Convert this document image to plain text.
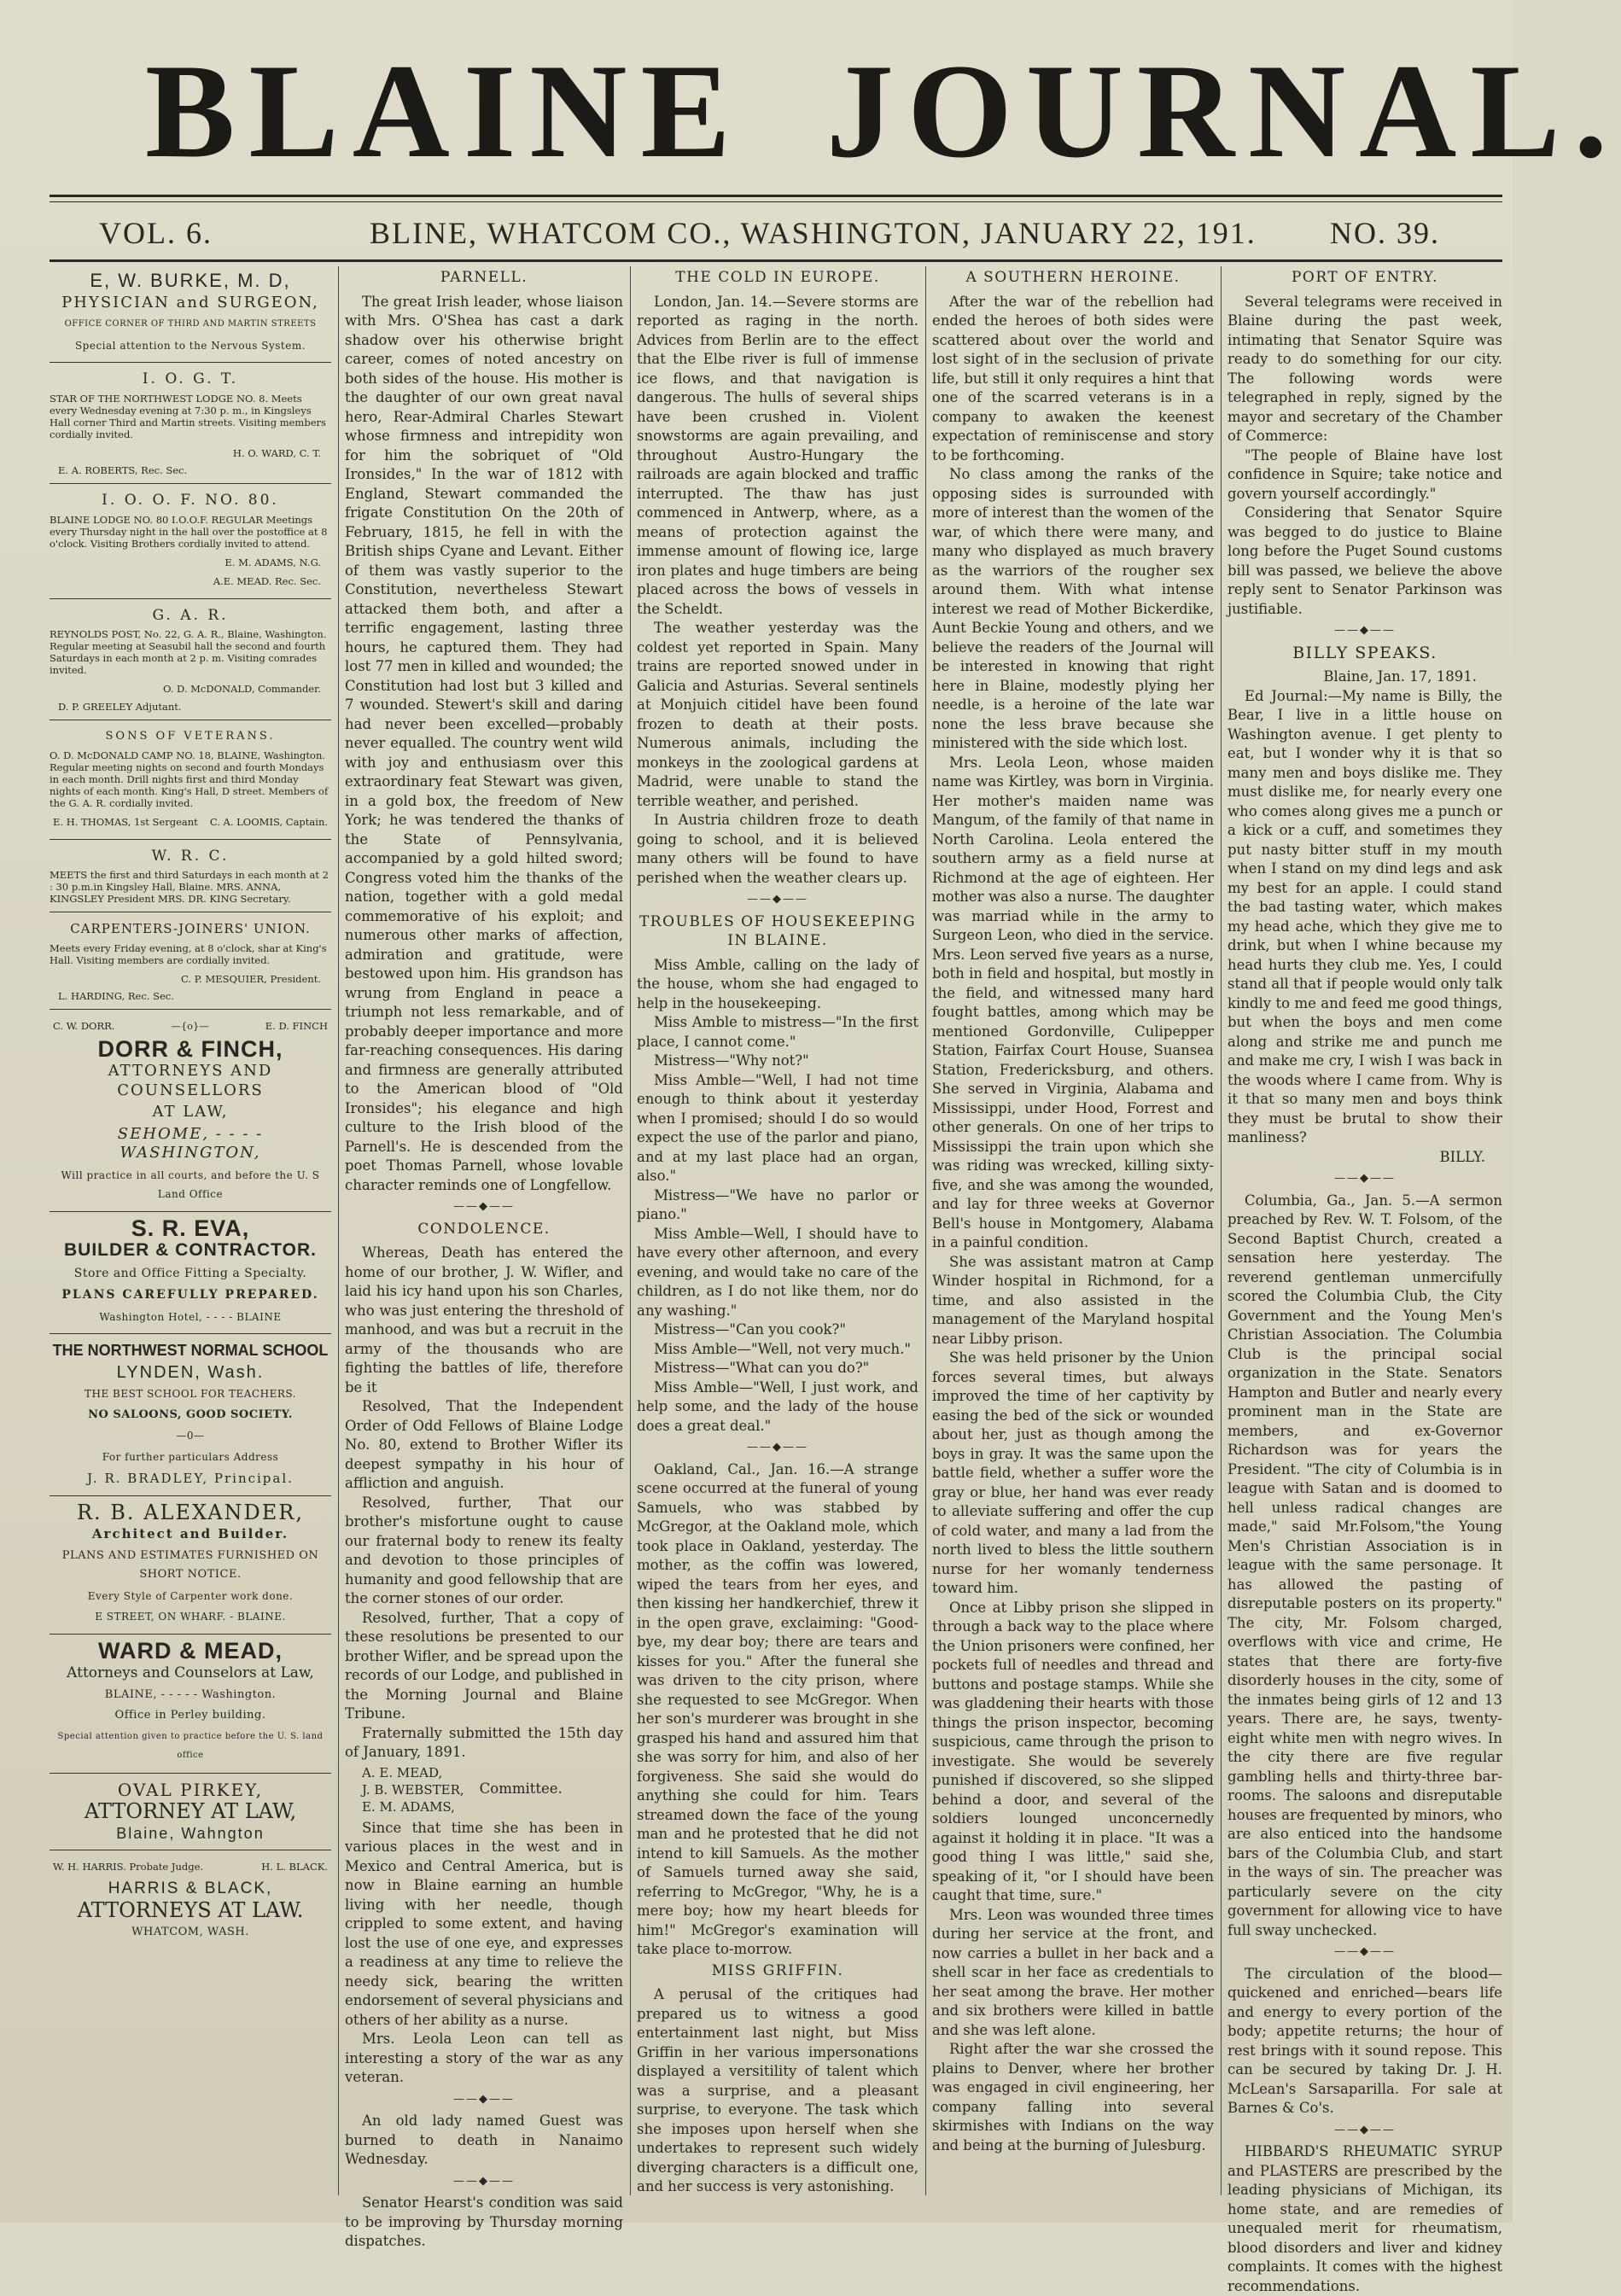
BLAINE JOURNAL.
VOL. 6.	BLINE, WHATCOM CO., WASHINGTON, JANUARY 22, 191. NO. 39.
E, W. BURKE, M. D,
PHYSICIAN and SURGEON,
OFFICE CORNER OF THIRD AND MARTIN STREETS
Special attention to the Nervous System.
I. O. G. T.
STAR OF THE NORTHWEST LODGE NO. 8. Meets every Wednesday evening at 7:30 p. m., in Kingsleys Hall corner Third and Martin streets. Visiting members cordially invited.
H. O. WARD, C. T.
E. A. ROBERTS, Rec. Sec.
I. O. O. F. NO. 80.
BLAINE LODGE NO. 80 I.O.O.F. REGULAR Meetings every Thursday night in the hall over the postoffice at 8 o'clock. Visiting Brothers cordially invited to attend.
E. M. ADAMS, N.G.
A.E. MEAD. Rec. Sec.
G. A. R.
REYNOLDS POST, No. 22, G. A. R., Blaine, Washington. Regular meeting at Seasubil hall the second and fourth Saturdays in each month at 2 p. m. Visiting comrades invited.
O. D. McDONALD, Commander.
D. P. GREELEY Adjutant.
SONS OF VETERANS.
O. D. McDONALD CAMP NO. 18, BLAINE, Washington. Regular meeting nights on second and fourth Mondays in each month. Drill nights first and third Monday nights of each month. King's Hall, D street. Members of the G. A. R. cordially invited.
E. H. THOMAS, 1st Sergeant C. A. LOOMIS, Captain.
W. R. C.
MEETS the first and third Saturdays in each month at 2 : 30 p.m.in Kingsley Hall, Blaine. MRS. ANNA, KINGSLEY President MRS. DR. KING Secretary.
CARPENTERS-JOINERS' UNION.
Meets every Friday evening, at 8 o'clock, shar at King's Hall. Visiting members are cordially invited.
C. P. MESQUIER, President.
L. HARDING, Rec. Sec.
C. W. DORR.	—{o}—	E. D. FINCH
DORR & FINCH,
ATTORNEYS AND COUNSELLORS
AT LAW,
SEHOME, - - - - WASHINGTON,
Will practice in all courts, and before the U. S Land Office
S. R. EVA,
BUILDER & CONTRACTOR.
Store and Office Fitting a Specialty.
PLANS CAREFULLY PREPARED.
Washington Hotel, - - - - BLAINE
THE NORTHWEST NORMAL SCHOOL
LYNDEN, Wash.
THE BEST SCHOOL FOR TEACHERS.
NO SALOONS, GOOD SOCIETY.
—0—
For further particulars Address
J. R. BRADLEY, Principal.
R. B. ALEXANDER,
Architect and Builder.
PLANS AND ESTIMATES FURNISHED ON SHORT NOTICE.
Every Style of Carpenter work done.
E STREET, ON WHARF. - BLAINE.
WARD & MEAD,
Attorneys and Counselors at Law,
BLAINE, - - - - - Washington.
Office in Perley building.
Special attention given to practice before the U. S. land office
OVAL PIRKEY,
ATTORNEY AT LAW,
Blaine, Wahngton
W. H. HARRIS. Probate Judge.	H. L. BLACK.
HARRIS & BLACK,
ATTORNEYS AT LAW.
WHATCOM, WASH.
PARNELL.

The great Irish leader, whose liaison with Mrs. O'Shea has cast a dark shadow over his otherwise bright career, comes of noted ancestry on both sides of the house. His mother is the daughter of our own great naval hero, Rear-Admiral Charles Stewart whose firmness and intrepidity won for him the sobriquet of "Old Ironsides," In the war of 1812 with England, Stewart commanded the frigate Constitution On the 20th of February, 1815, he fell in with the British ships Cyane and Levant. Either of them was vastly superior to the Constitution, nevertheless Stewart attacked them both, and after a terrific engagement, lasting three hours, he captured them. They had lost 77 men in killed and wounded; the Constitution had lost but 3 killed and 7 wounded. Stewert's skill and daring had never been excelled—probably never equalled. The country went wild with joy and enthusiasm over this extraordinary feat Stewart was given, in a gold box, the freedom of New York; he was tendered the thanks of the State of Pennsylvania, accompanied by a gold hilted sword; Congress voted him the thanks of the nation, together with a gold medal commemorative of his exploit; and numerous other marks of affection, admiration and gratitude, were bestowed upon him. His grandson has wrung from England in peace a triumph not less remarkable, and of probably deeper importance and more far-reaching consequences. His daring and firmness are generally attributed to the American blood of "Old Ironsides"; his elegance and high culture to the Irish blood of the Parnell's. He is descended from the poet Thomas Parnell, whose lovable character reminds one of Longfellow.

——◆——
CONDOLENCE.

Whereas, Death has entered the home of our brother, J. W. Wifler, and laid his icy hand upon his son Charles, who was just entering the threshold of manhood, and was but a recruit in the army of the thousands who are fighting the battles of life, therefore be it

Resolved, That the Independent Order of Odd Fellows of Blaine Lodge No. 80, extend to Brother Wifler its deepest sympathy in his hour of affliction and anguish.

Resolved, further, That our brother's misfortune ought to cause our fraternal body to renew its fealty and devotion to those principles of humanity and good fellowship that are the corner stones of our order.

Resolved, further, That a copy of these resolutions be presented to our brother Wifler, and be spread upon the records of our Lodge, and published in the Morning Journal and Blaine Tribune.

Fraternally submitted the 15th day of January, 1891.

A. E. MEAD,
J. B. WEBSTER,
E. M. ADAMS,
Committee.

Since that time she has been in various places in the west and in Mexico and Central America, but is now in Blaine earning an humble living with her needle, though crippled to some extent, and having lost the use of one eye, and expresses a readiness at any time to relieve the needy sick, bearing the written endorsement of several physicians and others of her ability as a nurse.

Mrs. Leola Leon can tell as interesting a story of the war as any veteran.

——◆——

An old lady named Guest was burned to death in Nanaimo Wednesday.

——◆——

Senator Hearst's condition was said to be improving by Thursday morning dispatches.

THE COLD IN EUROPE.

London, Jan. 14.—Severe storms are reported as raging in the north. Advices from Berlin are to the effect that the Elbe river is full of immense ice flows, and that navigation is dangerous. The hulls of several ships have been crushed in. Violent snowstorms are again prevailing, and throughout Austro-Hungary the railroads are again blocked and traffic interrupted. The thaw has just commenced in Antwerp, where, as a means of protection against the immense amount of flowing ice, large iron plates and huge timbers are being placed across the bows of vessels in the Scheldt.

The weather yesterday was the coldest yet reported in Spain. Many trains are reported snowed under in Galicia and Asturias. Several sentinels at Monjuich citidel have been found frozen to death at their posts. Numerous animals, including the monkeys in the zoological gardens at Madrid, were unable to stand the terrible weather, and perished.

In Austria children froze to death going to school, and it is believed many others will be found to have perished when the weather clears up.

——◆——
TROUBLES OF HOUSEKEEPING IN BLAINE.

Miss Amble, calling on the lady of the house, whom she had engaged to help in the housekeeping.

Miss Amble to mistress—"In the first place, I cannot come."

Mistress—"Why not?"

Miss Amble—"Well, I had not time enough to think about it yesterday when I promised; should I do so would expect the use of the parlor and piano, and at my last place had an organ, also."

Mistress—"We have no parlor or piano."

Miss Amble—Well, I should have to have every other afternoon, and every evening, and would take no care of the children, as I do not like them, nor do any washing."

Mistress—"Can you cook?"

Miss Amble—"Well, not very much."

Mistress—"What can you do?"

Miss Amble—"Well, I just work, and help some, and the lady of the house does a great deal."

——◆——

Oakland, Cal., Jan. 16.—A strange scene occurred at the funeral of young Samuels, who was stabbed by McGregor, at the Oakland mole, which took place in Oakland, yesterday. The mother, as the coffin was lowered, wiped the tears from her eyes, and then kissing her handkerchief, threw it in the open grave, exclaiming: "Good-bye, my dear boy; there are tears and kisses for you." After the funeral she was driven to the city prison, where she requested to see McGregor. When her son's murderer was brought in she grasped his hand and assured him that she was sorry for him, and also of her forgiveness. She said she would do anything she could for him. Tears streamed down the face of the young man and he protested that he did not intend to kill Samuels. As the mother of Samuels turned away she said, referring to McGregor, "Why, he is a mere boy; how my heart bleeds for him!" McGregor's examination will take place to-morrow.

MISS GRIFFIN.

A perusal of the critiques had prepared us to witness a good entertainment last night, but Miss Griffin in her various impersonations displayed a versitility of talent which was a surprise, and a pleasant surprise, to everyone. The task which she imposes upon herself when she undertakes to represent such widely diverging characters is a difficult one, and her success is very astonishing.

A SOUTHERN HEROINE.

After the war of the rebellion had ended the heroes of both sides were scattered about over the world and lost sight of in the seclusion of private life, but still it only requires a hint that one of the scarred veterans is in a company to awaken the keenest expectation of reminiscense and story to be forthcoming.

No class among the ranks of the opposing sides is surrounded with more of interest than the women of the war, of which there were many, and many who displayed as much bravery as the warriors of the rougher sex around them. With what intense interest we read of Mother Bickerdike, Aunt Beckie Young and others, and we believe the readers of the Journal will be interested in knowing that right here in Blaine, modestly plying her needle, is a heroine of the late war none the less brave because she ministered with the side which lost.

Mrs. Leola Leon, whose maiden name was Kirtley, was born in Virginia. Her mother's maiden name was Mangum, of the family of that name in North Carolina. Leola entered the southern army as a field nurse at Richmond at the age of eighteen. Her mother was also a nurse. The daughter was marriad while in the army to Surgeon Leon, who died in the service. Mrs. Leon served five years as a nurse, both in field and hospital, but mostly in the field, and witnessed many hard fought battles, among which may be mentioned Gordonville, Culipepper Station, Fairfax Court House, Suansea Station, Fredericksburg, and others. She served in Virginia, Alabama and Mississippi, under Hood, Forrest and other generals. On one of her trips to Mississippi the train upon which she was riding was wrecked, killing sixty-five, and she was among the wounded, and lay for three weeks at Governor Bell's house in Montgomery, Alabama in a painful condition.

She was assistant matron at Camp Winder hospital in Richmond, for a time, and also assisted in the management of the Maryland hospital near Libby prison.

She was held prisoner by the Union forces several times, but always improved the time of her captivity by easing the bed of the sick or wounded about her, just as though among the boys in gray. It was the same upon the battle field, whether a suffer wore the gray or blue, her hand was ever ready to alleviate suffering and offer the cup of cold water, and many a lad from the north lived to bless the little southern nurse for her womanly tenderness toward him.

Once at Libby prison she slipped in through a back way to the place where the Union prisoners were confined, her pockets full of needles and thread and buttons and postage stamps. While she was gladdening their hearts with those things the prison inspector, becoming suspicious, came through the prison to investigate. She would be severely punished if discovered, so she slipped behind a door, and several of the soldiers lounged unconcernedly against it holding it in place. "It was a good thing I was little," said she, speaking of it, "or I should have been caught that time, sure."

Mrs. Leon was wounded three times during her service at the front, and now carries a bullet in her back and a shell scar in her face as credentials to her seat among the brave. Her mother and six brothers were killed in battle and she was left alone.

Right after the war she crossed the plains to Denver, where her brother was engaged in civil engineering, her company falling into several skirmishes with Indians on the way and being at the burning of Julesburg.

PORT OF ENTRY.

Several telegrams were received in Blaine during the past week, intimating that Senator Squire was ready to do something for our city. The following words were telegraphed in reply, signed by the mayor and secretary of the Chamber of Commerce:

"The people of Blaine have lost confidence in Squire; take notice and govern yourself accordingly."

Considering that Senator Squire was begged to do justice to Blaine long before the Puget Sound customs bill was passed, we believe the above reply sent to Senator Parkinson was justifiable.

——◆——
BILLY SPEAKS.
Blaine, Jan. 17, 1891.

Ed Journal:—My name is Billy, the Bear, I live in a little house on Washington avenue. I get plenty to eat, but I wonder why it is that so many men and boys dislike me. They must dislike me, for nearly every one who comes along gives me a punch or a kick or a cuff, and sometimes they put nasty bitter stuff in my mouth when I stand on my dind legs and ask my best for an apple. I could stand the bad tasting water, which makes my head ache, which they give me to drink, but when I whine because my head hurts they club me. Yes, I could stand all that if people would only talk kindly to me and feed me good things, but when the boys and men come along and strike me and punch me and make me cry, I wish I was back in the woods where I came from. Why is it that so many men and boys think they must be brutal to show their manliness?

BILLY.
——◆——

Columbia, Ga., Jan. 5.—A sermon preached by Rev. W. T. Folsom, of the Second Baptist Church, created a sensation here yesterday. The reverend gentleman unmercifully scored the Columbia Club, the City Government and the Young Men's Christian Association. The Columbia Club is the principal social organization in the State. Senators Hampton and Butler and nearly every prominent man in the State are members, and ex-Governor Richardson was for years the President. "The city of Columbia is in league with Satan and is doomed to hell unless radical changes are made," said Mr.Folsom,"the Young Men's Christian Association is in league with the same personage. It has allowed the pasting of disreputable posters on its property." The city, Mr. Folsom charged, overflows with vice and crime, He states that there are forty-five disorderly houses in the city, some of the inmates being girls of 12 and 13 years. There are, he says, twenty-eight white men with negro wives. In the city there are five regular gambling hells and thirty-three bar-rooms. The saloons and disreputable houses are frequented by minors, who are also enticed into the handsome bars of the Columbia Club, and start in the ways of sin. The preacher was particularly severe on the city government for allowing vice to have full sway unchecked.

——◆——

The circulation of the blood—quickened and enriched—bears life and energy to every portion of the body; appetite returns; the hour of rest brings with it sound repose. This can be secured by taking Dr. J. H. McLean's Sarsaparilla. For sale at Barnes & Co's.

——◆——

HIBBARD'S RHEUMATIC SYRUP and PLASTERS are prescribed by the leading physicians of Michigan, its home state, and are remedies of unequaled merit for rheumatism, blood disorders and liver and kidney complaints. It comes with the highest recommendations.
